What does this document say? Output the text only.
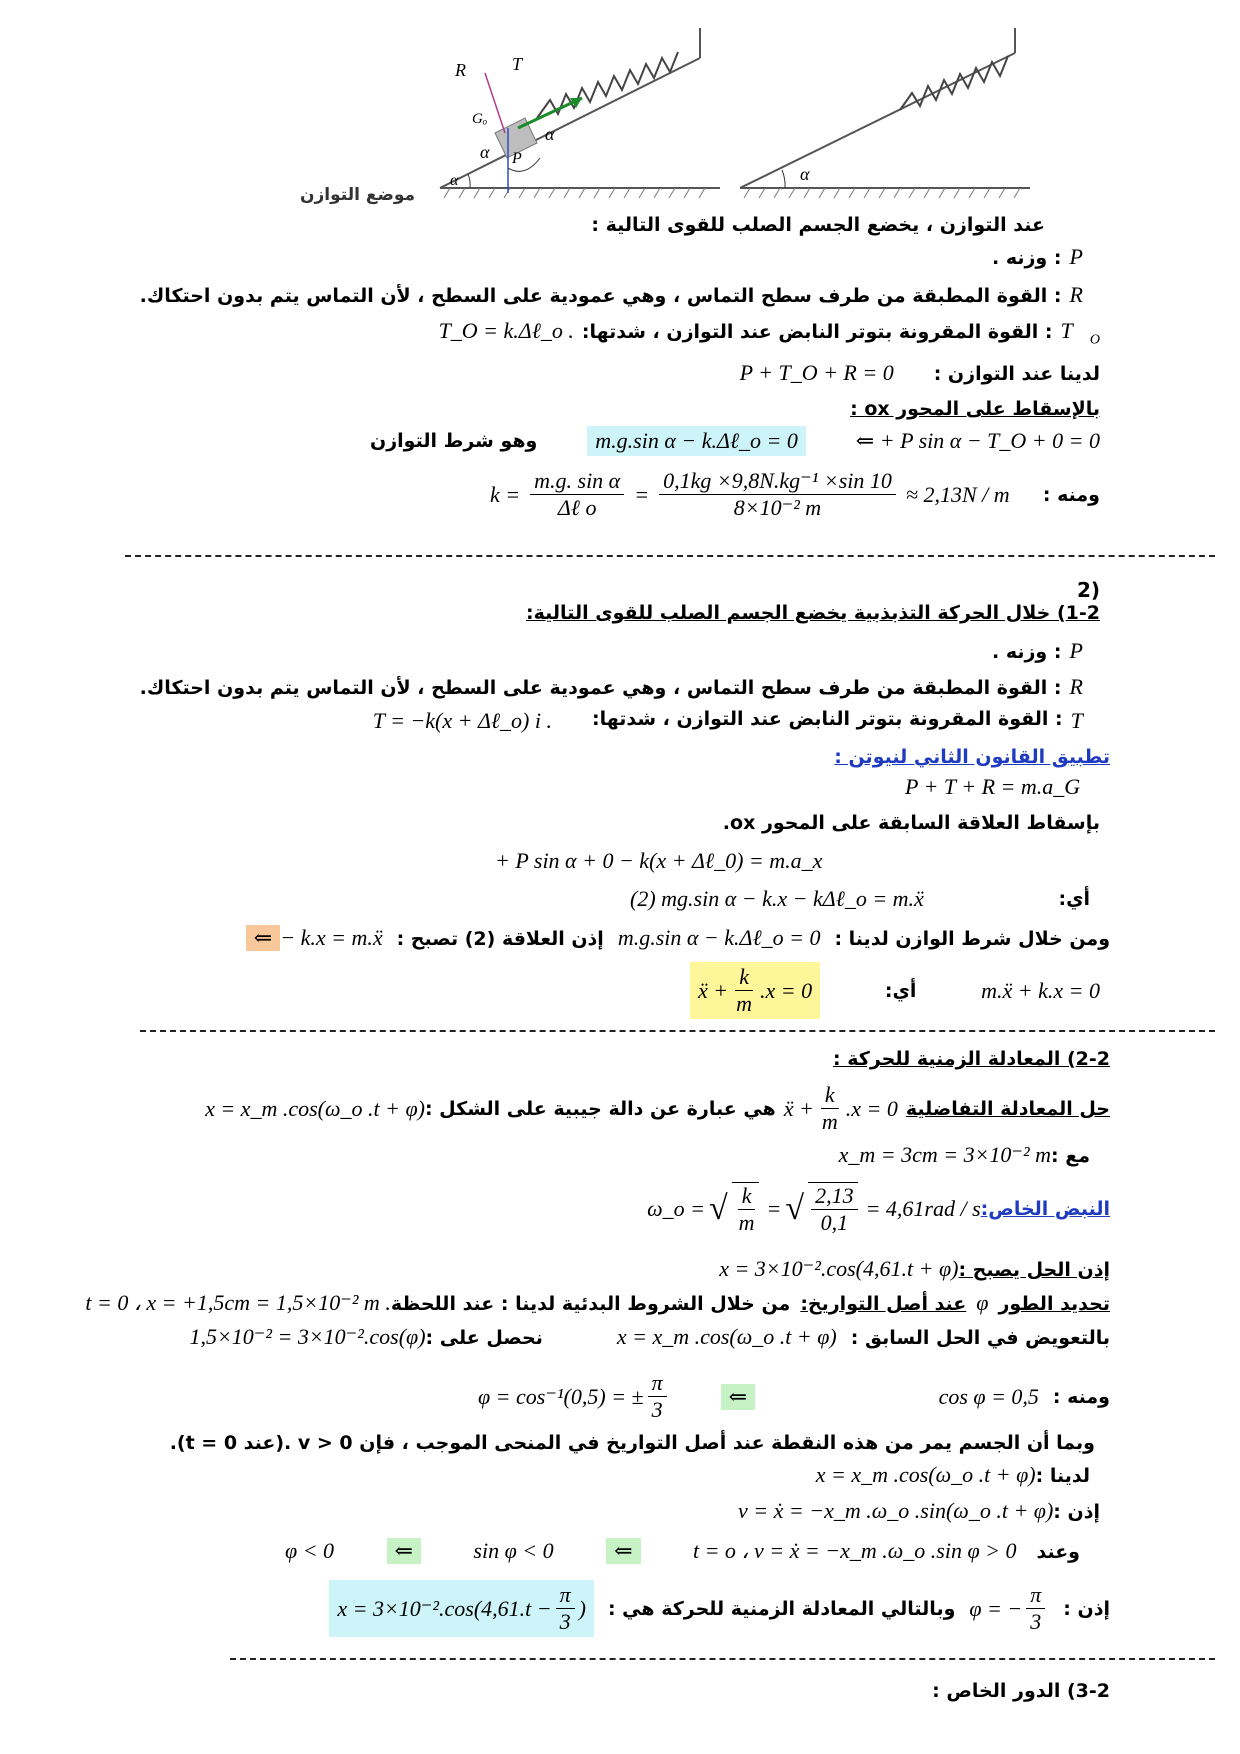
R	T
Gₒ
α
α P
α
موضع التوازن
α
عند التوازن ، يخضع الجسم الصلب للقوى التالية :
P⃗
: وزنه .
R⃗
: القوة المطبقة من طرف سطح التماس ، وهي عمودية على السطح ، لأن التماس يتم بدون احتكاك.
$T⃗_O$
: القوة المقرونة بتوتر النابض عند التوازن ، شدتها:
T_O = k.Δℓ_o .
لدينا عند التوازن :
P + T_O + R = 0
بالإسقاط على المحور ox :
⇐ + P sin α − T_O + 0 = 0
m.g.sin α − k.Δℓ_o = 0
وهو شرط التوازن
ومنه :
$k = \frac{\text{m.g. sin α}}{\text{Δℓ o}} = \frac{\text{0,1kg ×9,8N.kg⁻¹ ×sin 10}}{\text{8×10⁻² m}} \approx 2,13N / m$
(2
1-2) خلال الحركة التذبذبية يخضع الجسم الصلب للقوى التالية:
P⃗
: وزنه .
R⃗
: القوة المطبقة من طرف سطح التماس ، وهي عمودية على السطح ، لأن التماس يتم بدون احتكاك.
T⃗
: القوة المقرونة بتوتر النابض عند التوازن ، شدتها:
T = −k(x + Δℓ_o) i .
تطبيق القانون الثاني لنيوتن :
P + T + R = m.a_G
بإسقاط العلاقة السابقة على المحور ox.
+ P sin α + 0 − k(x + Δℓ_0) = m.a_x
أي:
(2) mg.sin α − k.x − kΔℓ_o = m.ẍ
ومن خلال شرط الوازن لدينا :
m.g.sin α − k.Δℓ_o = 0
إذن العلاقة (2) تصبح :
− k.x = m.ẍ
⇐
m.ẍ + k.x = 0
أي:
ẍ + $\frac{k}{m} .x = 0$
2-2) المعادلة الزمنية للحركة :
حل المعادلة التفاضلية
ẍ + $\frac{k}{m} .x = 0$
هي عبارة عن دالة جيبية على الشكل :
x = x_m .cos(ω_o .t + φ)
مع :
x_m = 3cm = 3×10⁻² m
النبض الخاص:
ω_o = √ $\frac{k}{m}$ = √ $\frac{2,13}{0,1} = 4,61rad / s$
إذن الحل يصبح :
x = 3×10⁻².cos(4,61.t + φ)
تحديد الطور
φ
عند أصل التواريخ:
من خلال الشروط البدئية لدينا : عند اللحظة
t = 0 ، x = +1,5cm = 1,5×10⁻² m .
بالتعويض في الحل السابق :
x = x_m .cos(ω_o .t + φ)
نحصل على :
1,5×10⁻² = 3×10⁻².cos(φ)
ومنه :
cos φ = 0,5
⇐
φ = cos⁻¹(0,5) = ± $\frac{\pi}{3}$
وبما أن الجسم يمر من هذه النقطة عند أصل التواريخ في المنحى الموجب ، فإن v > 0 .(عند t = 0).
لدينا :
x = x_m .cos(ω_o .t + φ)
إذن :
v = ẋ = −x_m .ω_o .sin(ω_o .t + φ)
وعند
t = o ، v = ẋ = −x_m .ω_o .sin φ > 0
⇐
sin φ < 0
⇐
φ < 0
إذن :
φ = − $\frac{\pi}{3}$
وبالتالي المعادلة الزمنية للحركة هي :
$x = 3\times 10^{-2}.\cos(4,61.t - \frac{\pi}{3}$ )
3-2) الدور الخاص :
